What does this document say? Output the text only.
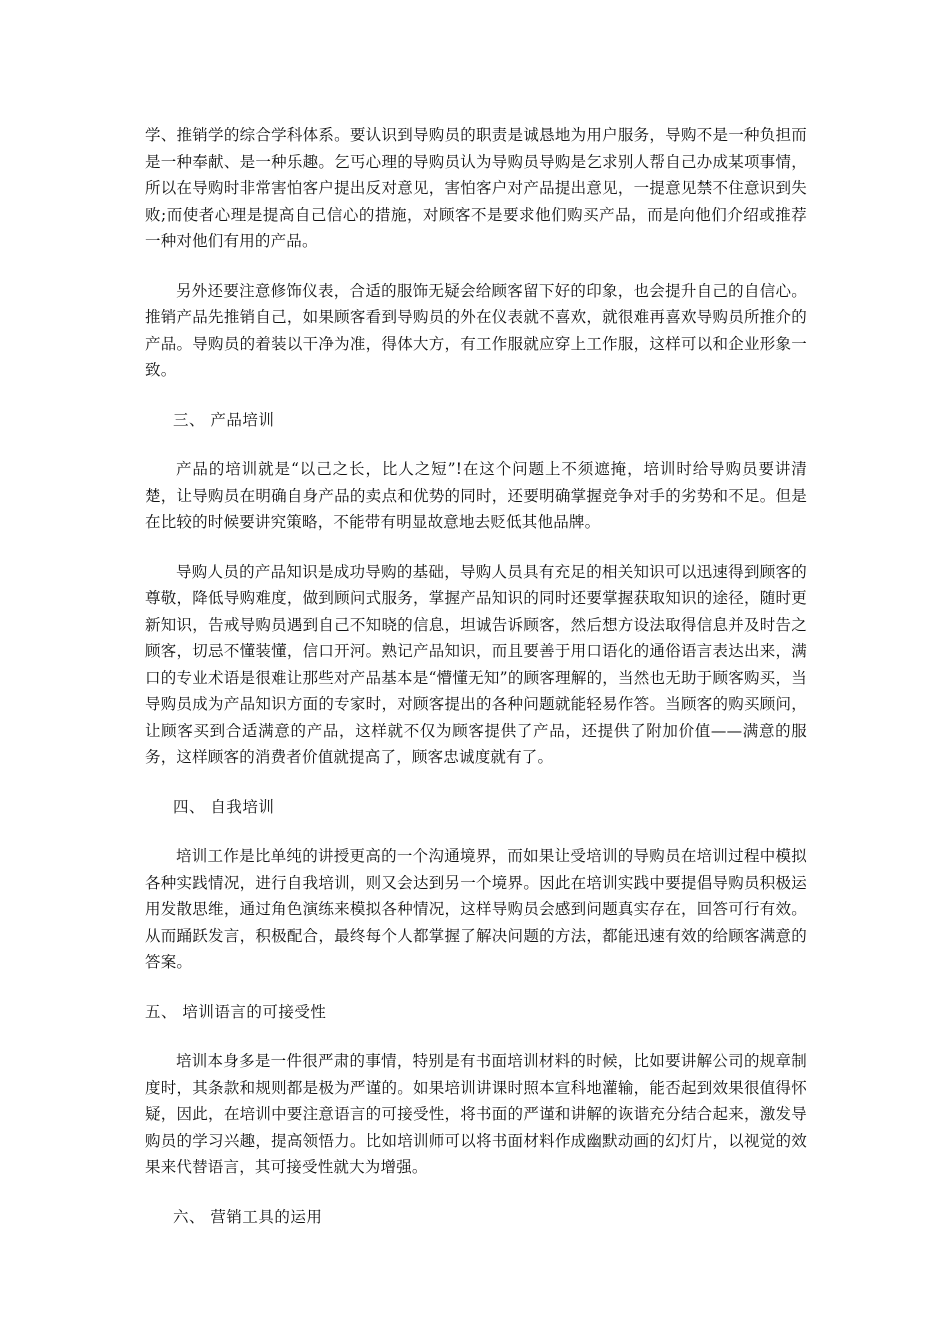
学、推销学的综合学科体系。要认识到导购员的职责是诚恳地为用户服务，导购不是一种负担而是一种奉献、是一种乐趣。乞丐心理的导购员认为导购员导购是乞求别人帮自己办成某项事情，所以在导购时非常害怕客户提出反对意见，害怕客户对产品提出意见，一提意见禁不住意识到失败;而使者心理是提高自己信心的措施，对顾客不是要求他们购买产品，而是向他们介绍或推荐一种对他们有用的产品。

另外还要注意修饰仪表，合适的服饰无疑会给顾客留下好的印象，也会提升自己的自信心。推销产品先推销自己，如果顾客看到导购员的外在仪表就不喜欢，就很难再喜欢导购员所推介的产品。导购员的着装以干净为准，得体大方，有工作服就应穿上工作服，这样可以和企业形象一致。

三、 产品培训

产品的培训就是“以己之长，比人之短”!在这个问题上不须遮掩，培训时给导购员要讲清楚，让导购员在明确自身产品的卖点和优势的同时，还要明确掌握竞争对手的劣势和不足。但是在比较的时候要讲究策略，不能带有明显故意地去贬低其他品牌。

导购人员的产品知识是成功导购的基础，导购人员具有充足的相关知识可以迅速得到顾客的尊敬，降低导购难度，做到顾问式服务，掌握产品知识的同时还要掌握获取知识的途径，随时更新知识，告戒导购员遇到自己不知晓的信息，坦诚告诉顾客，然后想方设法取得信息并及时告之顾客，切忌不懂装懂，信口开河。熟记产品知识，而且要善于用口语化的通俗语言表达出来，满口的专业术语是很难让那些对产品基本是“懵懂无知”的顾客理解的，当然也无助于顾客购买，当导购员成为产品知识方面的专家时，对顾客提出的各种问题就能轻易作答。当顾客的购买顾问，让顾客买到合适满意的产品，这样就不仅为顾客提供了产品，还提供了附加价值——满意的服务，这样顾客的消费者价值就提高了，顾客忠诚度就有了。

四、 自我培训

培训工作是比单纯的讲授更高的一个沟通境界，而如果让受培训的导购员在培训过程中模拟各种实践情况，进行自我培训，则又会达到另一个境界。因此在培训实践中要提倡导购员积极运用发散思维，通过角色演练来模拟各种情况，这样导购员会感到问题真实存在，回答可行有效。从而踊跃发言，积极配合，最终每个人都掌握了解决问题的方法，都能迅速有效的给顾客满意的答案。

五、 培训语言的可接受性

培训本身多是一件很严肃的事情，特别是有书面培训材料的时候，比如要讲解公司的规章制度时，其条款和规则都是极为严谨的。如果培训讲课时照本宣科地灌输，能否起到效果很值得怀疑，因此，在培训中要注意语言的可接受性，将书面的严谨和讲解的诙谐充分结合起来，激发导购员的学习兴趣，提高领悟力。比如培训师可以将书面材料作成幽默动画的幻灯片，以视觉的效果来代替语言，其可接受性就大为增强。

六、 营销工具的运用
